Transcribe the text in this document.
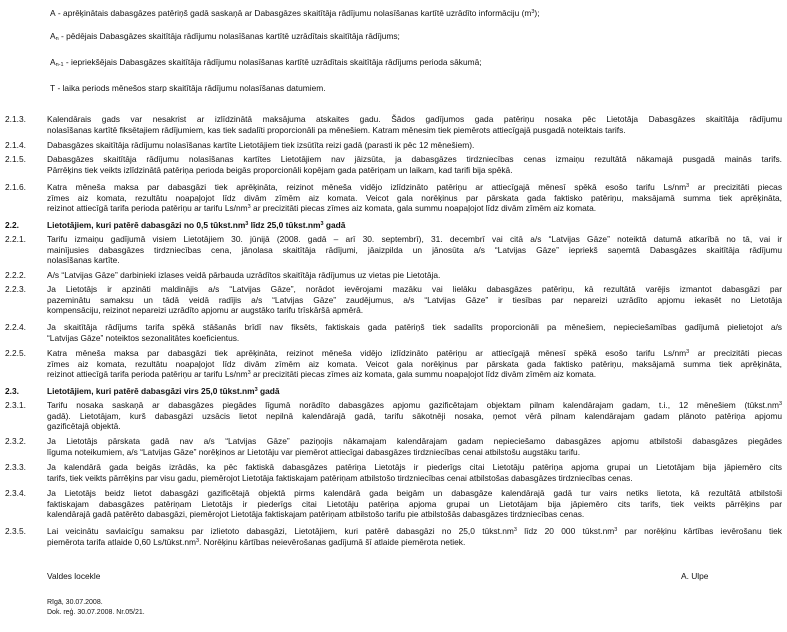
A - aprēķinātais dabasgāzes patēriņš gadā saskaņā ar Dabasgāzes skaitītāja rādījumu nolasīšanas kartītē uzrādīto informāciju $(m^3)$;
$A_n$ - pēdējais Dabasgāzes skaitītāja rādījumu nolasīšanas kartītē uzrādītais skaitītāja rādījums;
$A_{n-1}$ - iepriekšējais Dabasgāzes skaitītāja rādījumu nolasīšanas kartītē uzrādītais skaitītāja rādījums perioda sākumā;
T - laika periods mēnešos starp skaitītāja rādījumu nolasīšanas datumiem.
2.1.3.	Kalendārais gads var nesakrist ar izlīdzinātā maksājuma atskaites gadu. Šādos gadījumos gada patēriņu nosaka pēc Lietotāja Dabasgāzes skaitītāja rādījumu
nolasīšanas kartītē fiksētajiem rādījumiem, kas tiek sadalīti proporcionāli pa mēnešiem. Katram mēnesim tiek piemērots attiecīgajā pusgadā noteiktais tarifs.
2.1.4.	Dabasgāzes skaitītāja rādījumu nolasīšanas kartīte Lietotājiem tiek izsūtīta reizi gadā (parasti ik pēc 12 mēnešiem).
2.1.5.	Dabasgāzes skaitītāja rādījumu nolasīšanas kartītes Lietotājiem nav jāizsūta, ja dabasgāzes tirdzniecības cenas izmaiņu rezultātā nākamajā pusgadā mainās tarifs.
Pārrēķins tiek veikts izlīdzinātā patēriņa perioda beigās proporcionāli kopējam gada patēriņam un laikam, kad tarifi bija spēkā.
2.1.6.	Katra mēneša maksa par dabasgāzi tiek aprēķināta, reizinot mēneša vidējo izlīdzināto patēriņu ar attiecīgajā mēnesī spēkā esošo tarifu $Ls/nm^3$ ar precizitāti piecas
zīmes aiz komata, rezultātu noapaļojot līdz divām zīmēm aiz komata. Veicot gala norēķinus par pārskata gada faktisko patēriņu, maksājamā summa tiek aprēķināta,
reizinot attiecīgā tarifa perioda patēriņu ar tarifu $Ls/nm^3$ ar precizitāti piecas zīmes aiz komata, gala summu noapaļojot līdz divām zīmēm aiz komata.
2.2.	Lietotājiem, kuri patērē dabasgāzi no 0,5 $tūkst.nm^3$ līdz 25,0 $tūkst.nm^3$ gadā
2.2.1.	Tarifu izmaiņu gadījumā visiem Lietotājiem 30. jūnijā (2008. gadā – arī 30. septembrī), 31. decembrī vai citā a/s “Latvijas Gāze” noteiktā datumā atkarībā no tā, vai ir
mainījusies dabasgāzes tirdzniecības cena, jānolasa skaitītāja rādījumi, jāaizpilda un jānosūta a/s “Latvijas Gāze” iepriekš saņemtā Dabasgāzes skaitītāja rādījumu
nolasīšanas kartīte.
2.2.2.	A/s “Latvijas Gāze” darbinieki izlases veidā pārbauda uzrādītos skaitītāja rādījumus uz vietas pie Lietotāja.
2.2.3.	Ja Lietotājs ir apzināti maldinājis a/s “Latvijas Gāze”, norādot ievērojami mazāku vai lielāku dabasgāzes patēriņu, kā rezultātā varējis izmantot dabasgāzi par
pazeminātu samaksu un tādā veidā radījis a/s “Latvijas Gāze” zaudējumus, a/s “Latvijas Gāze” ir tiesības par nepareizi uzrādīto apjomu iekasēt no Lietotāja
kompensāciju, reizinot nepareizi uzrādīto apjomu ar augstāko tarifu trīskāršā apmērā.
2.2.4.	Ja skaitītāja rādījums tarifa spēkā stāšanās brīdī nav fiksēts, faktiskais gada patēriņš tiek sadalīts proporcionāli pa mēnešiem, nepieciešamības gadījumā pielietojot a/s
“Latvijas Gāze” noteiktos sezonalitātes koeficientus.
2.2.5.	Katra mēneša maksa par dabasgāzi tiek aprēķināta, reizinot mēneša vidējo izlīdzināto patēriņu ar attiecīgajā mēnesī spēkā esošo tarifu $Ls/nm^3$ ar precizitāti piecas
zīmes aiz komata, rezultātu noapaļojot līdz divām zīmēm aiz komata. Veicot gala norēķinus par pārskata gada faktisko patēriņu, maksājamā summa tiek aprēķināta,
reizinot attiecīgā tarifa perioda patēriņu ar tarifu $Ls/nm^3$ ar precizitāti piecas zīmes aiz komata, gala summu noapaļojot līdz divām zīmēm aiz komata.
2.3.	Lietotājiem, kuri patērē dabasgāzi virs 25,0 $tūkst.nm^3$ gadā
2.3.1.	Tarifu nosaka saskaņā ar dabasgāzes piegādes līgumā norādīto dabasgāzes apjomu gazificētajam objektam pilnam kalendārajam gadam, t.i., 12 mēnešiem ($tūkst.nm^3$
gadā). Lietotājam, kurš dabasgāzi uzsācis lietot nepilnā kalendārajā gadā, tarifu sākotnēji nosaka, ņemot vērā pilnam kalendārajam gadam plānoto patēriņa apjomu
gazificētajā objektā.
2.3.2.	Ja Lietotājs pārskata gadā nav a/s “Latvijas Gāze” paziņojis nākamajam kalendārajam gadam nepieciešamo dabasgāzes apjomu atbilstoši dabasgāzes piegādes
līguma noteikumiem, a/s “Latvijas Gāze” norēķinos ar Lietotāju var piemērot attiecīgai dabasgāzes tirdzniecības cenai atbilstošu augstāku tarifu.
2.3.3.	Ja kalendārā gada beigās izrādās, ka pēc faktiskā dabasgāzes patēriņa Lietotājs ir piederīgs citai Lietotāju patēriņa apjoma grupai un Lietotājam bija jāpiemēro cits
tarifs, tiek veikts pārrēķins par visu gadu, piemērojot Lietotāja faktiskajam patēriņam atbilstošo tirdzniecības cenai atbilstošas dabasgāzes tirdzniecības cenas.
2.3.4.	Ja Lietotājs beidz lietot dabasgāzi gazificētajā objektā pirms kalendārā gada beigām un dabasgāze kalendārajā gadā tur vairs netiks lietota, kā rezultātā atbilstoši
faktiskajam dabasgāzes patēriņam Lietotājs ir piederīgs citai Lietotāju patēriņa apjoma grupai un Lietotājam bija jāpiemēro cits tarifs, tiek veikts pārrēķins par
kalendārajā gadā patērēto dabasgāzi, piemērojot Lietotāja faktiskajam patēriņam atbilstošo tarifu pie atbilstošās dabasgāzes tirdzniecības cenas.
2.3.5.	Lai veicinātu savlaicīgu samaksu par izlietoto dabasgāzi, Lietotājiem, kuri patērē dabasgāzi no 25,0 $tūkst.nm^3$ līdz 20 000 $tūkst.nm^3$ par norēķinu kārtības ievērošanu tiek
piemērota tarifa atlaide 0,60 $Ls/tūkst.nm^3$. Norēķinu kārtības neievērošanas gadījumā šī atlaide piemērota netiek.
Valdes locekle	A. Ulpe
Rīgā, 30.07.2008.
Dok. reģ. 30.07.2008. Nr.05/21.
